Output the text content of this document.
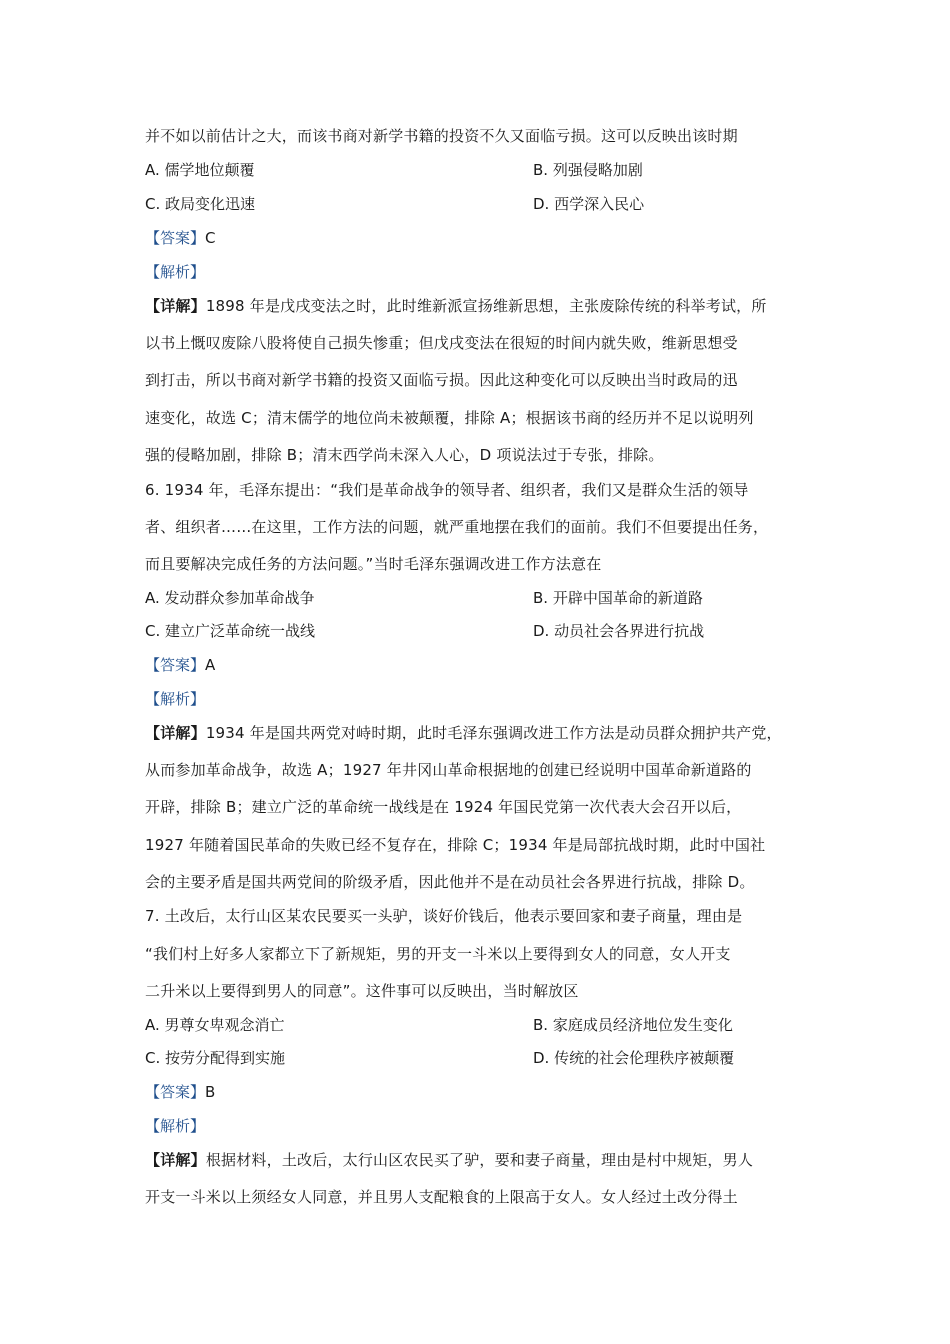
并不如以前估计之大，而该书商对新学书籍的投资不久又面临亏损。这可以反映出该时期
A. 儒学地位颠覆	B. 列强侵略加剧
C. 政局变化迅速	D. 西学深入民心
【答案】C
【解析】
【详解】1898 年是戊戌变法之时，此时维新派宣扬维新思想，主张废除传统的科举考试，所
以书上慨叹废除八股将使自己损失惨重；但戊戌变法在很短的时间内就失败，维新思想受
到打击，所以书商对新学书籍的投资又面临亏损。因此这种变化可以反映出当时政局的迅
速变化，故选 C；清末儒学的地位尚未被颠覆，排除 A；根据该书商的经历并不足以说明列
强的侵略加剧，排除 B；清末西学尚未深入人心，D 项说法过于专张，排除。
6. 1934 年，毛泽东提出：“我们是革命战争的领导者、组织者，我们又是群众生活的领导
者、组织者……在这里，工作方法的问题，就严重地摆在我们的面前。我们不但要提出任务，
而且要解决完成任务的方法问题。”当时毛泽东强调改进工作方法意在
A. 发动群众参加革命战争	B. 开辟中国革命的新道路
C. 建立广泛革命统一战线	D. 动员社会各界进行抗战
【答案】A
【解析】
【详解】1934 年是国共两党对峙时期，此时毛泽东强调改进工作方法是动员群众拥护共产党，
从而参加革命战争，故选 A；1927 年井冈山革命根据地的创建已经说明中国革命新道路的
开辟，排除 B；建立广泛的革命统一战线是在 1924 年国民党第一次代表大会召开以后，
1927 年随着国民革命的失败已经不复存在，排除 C；1934 年是局部抗战时期，此时中国社
会的主要矛盾是国共两党间的阶级矛盾，因此他并不是在动员社会各界进行抗战，排除 D。
7. 土改后，太行山区某农民要买一头驴，谈好价钱后，他表示要回家和妻子商量，理由是
“我们村上好多人家都立下了新规矩，男的开支一斗米以上要得到女人的同意，女人开支
二升米以上要得到男人的同意”。这件事可以反映出，当时解放区
A. 男尊女卑观念消亡	B. 家庭成员经济地位发生变化
C. 按劳分配得到实施	D. 传统的社会伦理秩序被颠覆
【答案】B
【解析】
【详解】根据材料，土改后，太行山区农民买了驴，要和妻子商量，理由是村中规矩，男人
开支一斗米以上须经女人同意，并且男人支配粮食的上限高于女人。女人经过土改分得土
